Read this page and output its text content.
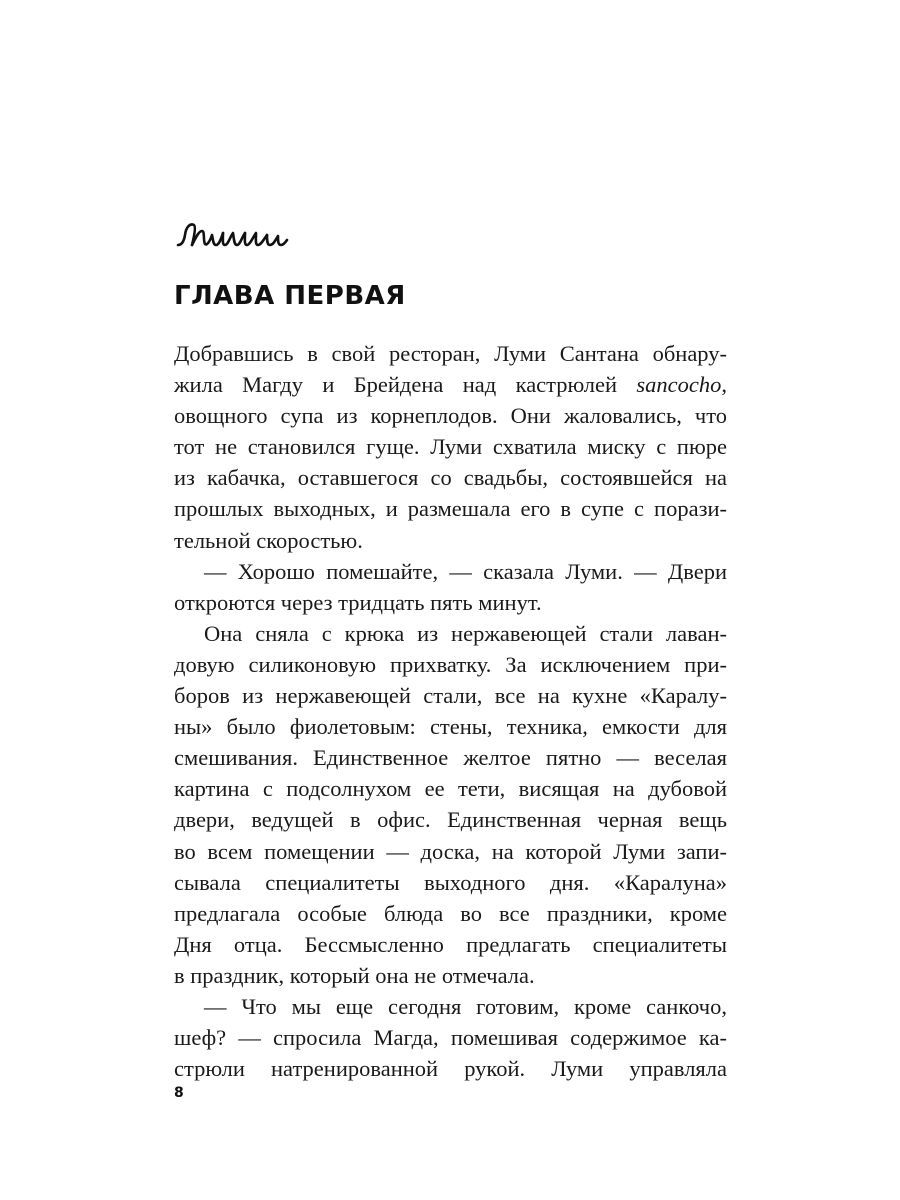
ГЛАВА ПЕРВАЯ

Добравшись в свой ресторан, Луми Сантана обнару-
жила Магду и Брейдена над кастрюлей sancocho,
овощного супа из корнеплодов. Они жаловались, что
тот не становился гуще. Луми схватила миску с пюре
из кабачка, оставшегося со свадьбы, состоявшейся на
прошлых выходных, и размешала его в супе с порази-
тельной скоростью.

— Хорошо помешайте, — сказала Луми. — Двери
откроются через тридцать пять минут.

Она сняла с крюка из нержавеющей стали лаван-
довую силиконовую прихватку. За исключением при-
боров из нержавеющей стали, все на кухне «Каралу-
ны» было фиолетовым: стены, техника, емкости для
смешивания. Единственное желтое пятно — веселая
картина с подсолнухом ее тети, висящая на дубовой
двери, ведущей в офис. Единственная черная вещь
во всем помещении — доска, на которой Луми запи-
сывала специалитеты выходного дня. «Каралуна»
предлагала особые блюда во все праздники, кроме
Дня отца. Бессмысленно предлагать специалитеты
в праздник, который она не отмечала.

— Что мы еще сегодня готовим, кроме санкочо,
шеф? — спросила Магда, помешивая содержимое ка-
стрюли натренированной рукой. Луми управляла

8
